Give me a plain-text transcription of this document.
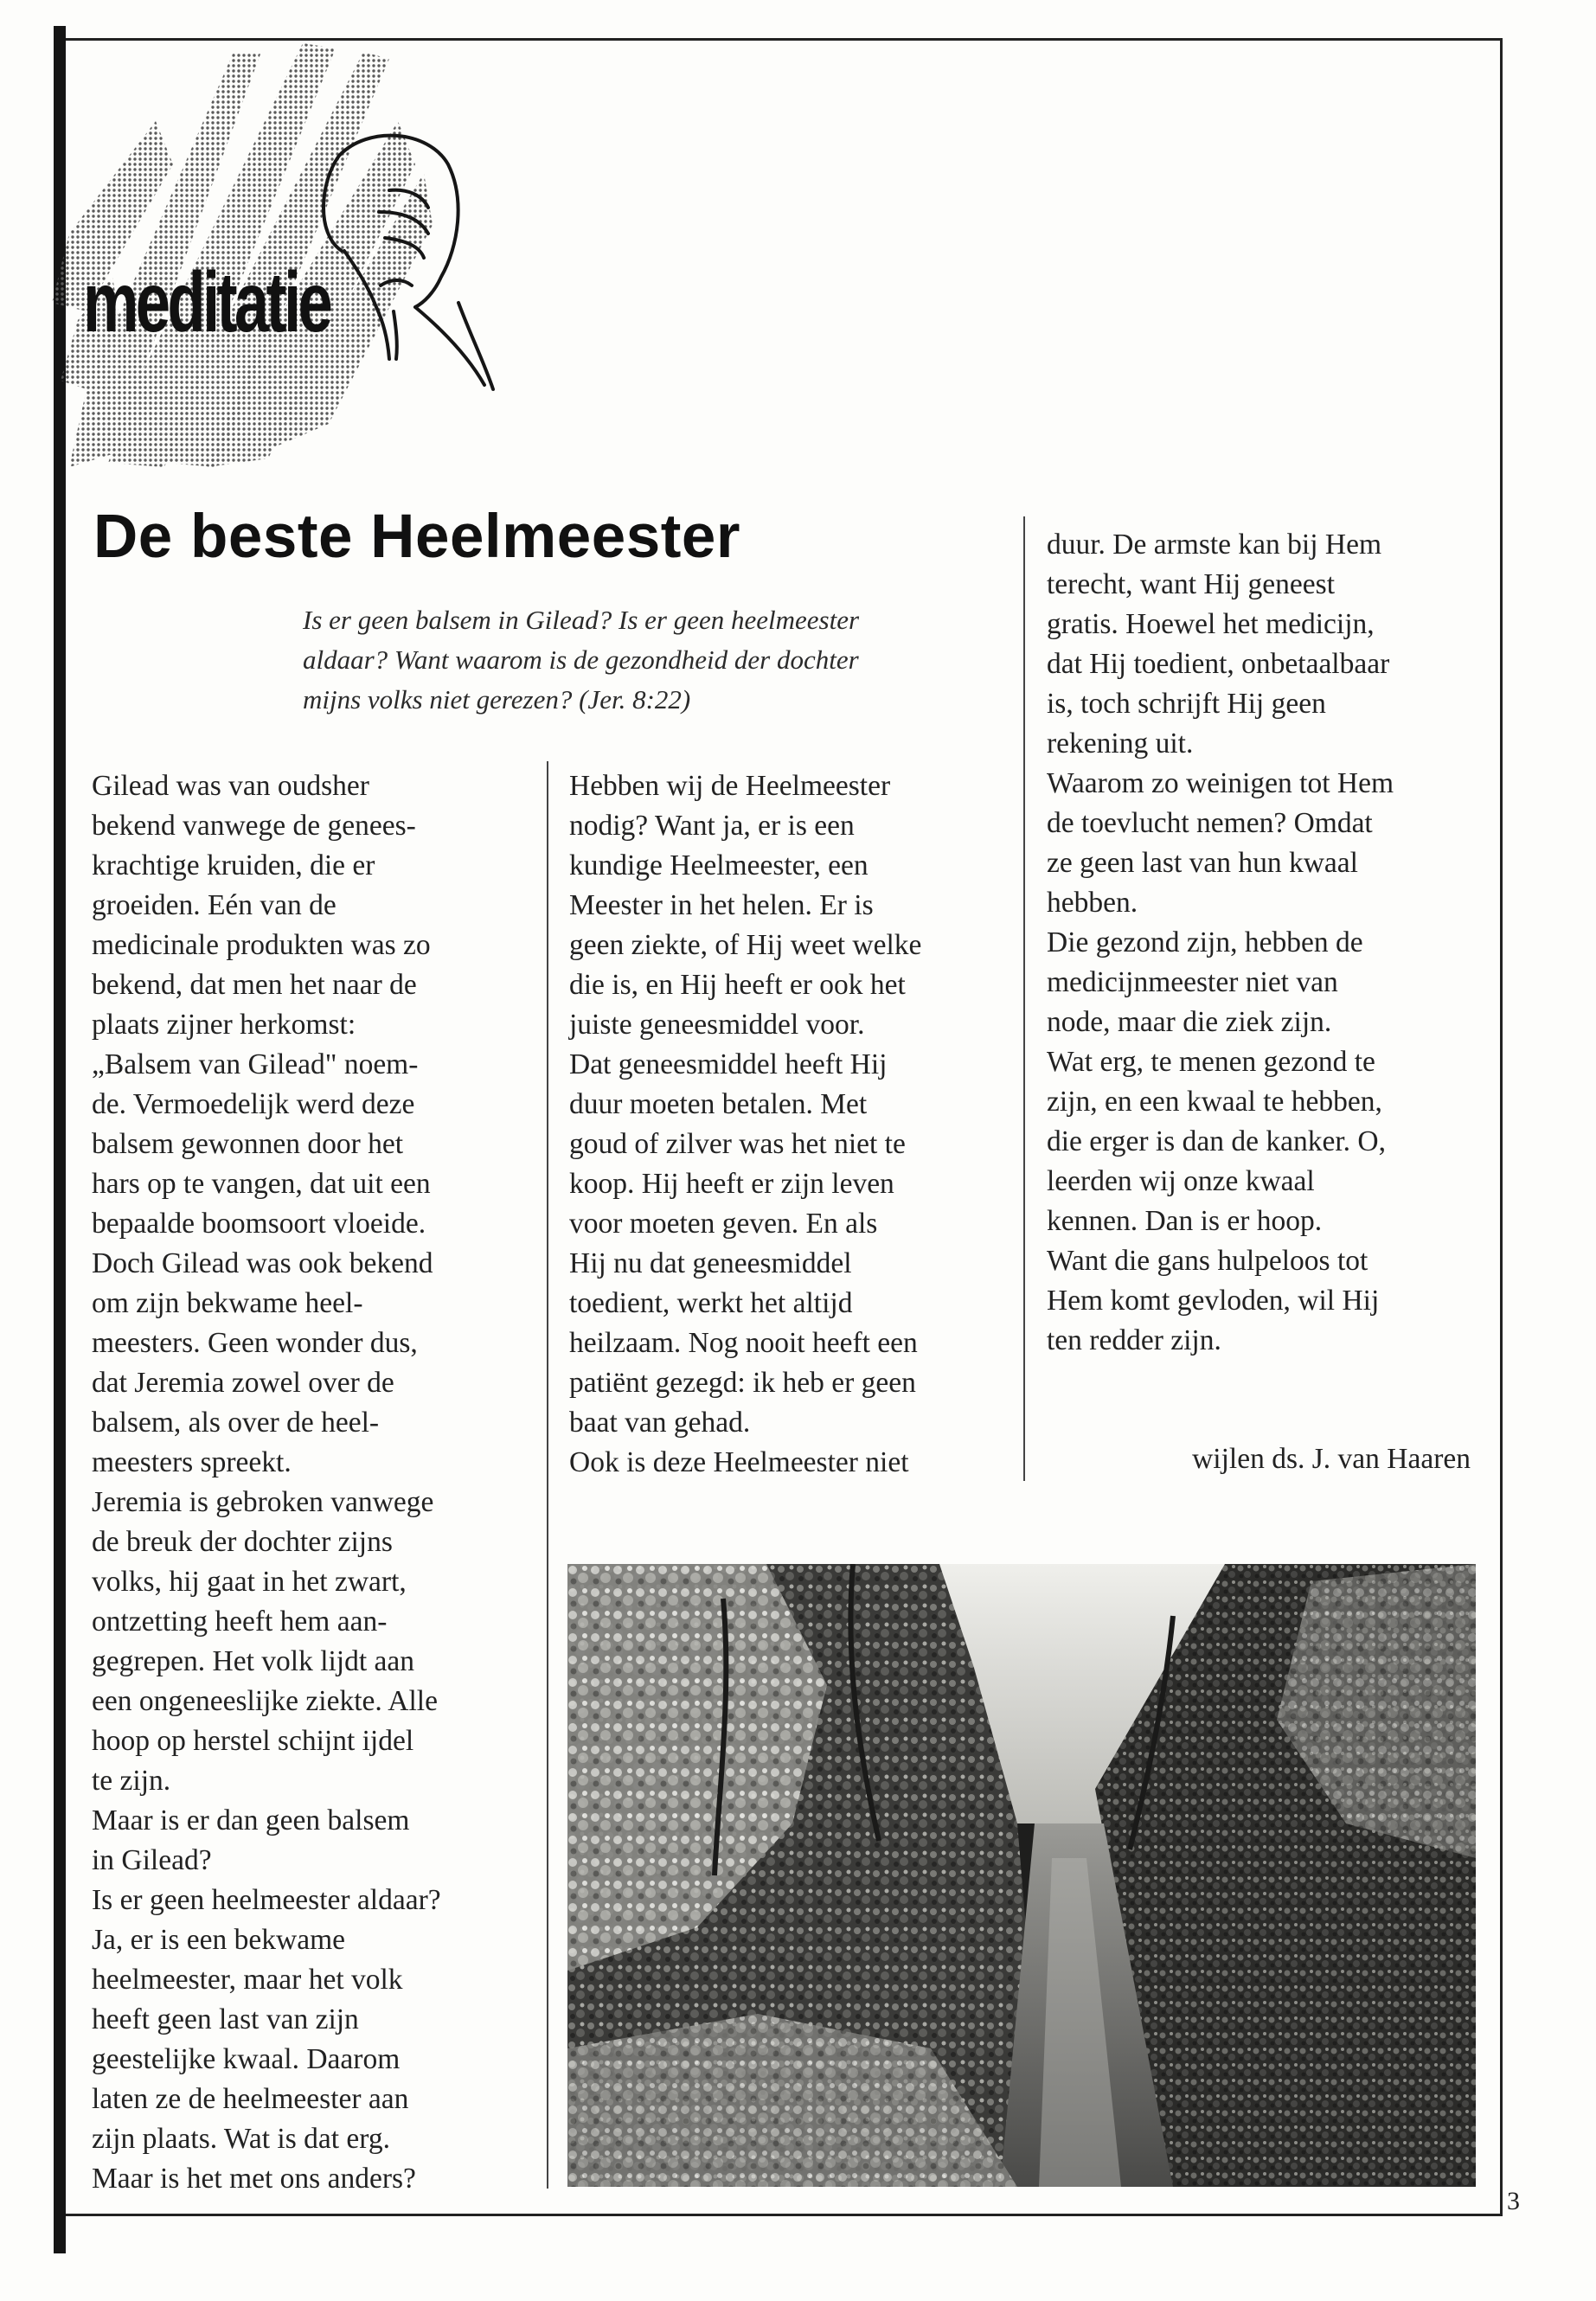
meditatie
De beste Heelmeester
Is er geen balsem in Gilead? Is er geen heelmeester
aldaar? Want waarom is de gezondheid der dochter
mijns volks niet gerezen? (Jer. 8:22)
Gilead was van oudsher
bekend vanwege de genees-
krachtige kruiden, die er
groeiden. Eén van de
medicinale produkten was zo
bekend, dat men het naar de
plaats zijner herkomst:
„Balsem van Gilead" noem-
de. Vermoedelijk werd deze
balsem gewonnen door het
hars op te vangen, dat uit een
bepaalde boomsoort vloeide.
Doch Gilead was ook bekend
om zijn bekwame heel-
meesters. Geen wonder dus,
dat Jeremia zowel over de
balsem, als over de heel-
meesters spreekt.
Jeremia is gebroken vanwege
de breuk der dochter zijns
volks, hij gaat in het zwart,
ontzetting heeft hem aan-
gegrepen. Het volk lijdt aan
een ongeneeslijke ziekte. Alle
hoop op herstel schijnt ijdel
te zijn.
Maar is er dan geen balsem
in Gilead?
Is er geen heelmeester aldaar?
Ja, er is een bekwame
heelmeester, maar het volk
heeft geen last van zijn
geestelijke kwaal. Daarom
laten ze de heelmeester aan
zijn plaats. Wat is dat erg.
Maar is het met ons anders?
Hebben wij de Heelmeester
nodig? Want ja, er is een
kundige Heelmeester, een
Meester in het helen. Er is
geen ziekte, of Hij weet welke
die is, en Hij heeft er ook het
juiste geneesmiddel voor.
Dat geneesmiddel heeft Hij
duur moeten betalen. Met
goud of zilver was het niet te
koop. Hij heeft er zijn leven
voor moeten geven. En als
Hij nu dat geneesmiddel
toedient, werkt het altijd
heilzaam. Nog nooit heeft een
patiënt gezegd: ik heb er geen
baat van gehad.
Ook is deze Heelmeester niet
duur. De armste kan bij Hem
terecht, want Hij geneest
gratis. Hoewel het medicijn,
dat Hij toedient, onbetaalbaar
is, toch schrijft Hij geen
rekening uit.
Waarom zo weinigen tot Hem
de toevlucht nemen? Omdat
ze geen last van hun kwaal
hebben.
Die gezond zijn, hebben de
medicijnmeester niet van
node, maar die ziek zijn.
Wat erg, te menen gezond te
zijn, en een kwaal te hebben,
die erger is dan de kanker. O,
leerden wij onze kwaal
kennen. Dan is er hoop.
Want die gans hulpeloos tot
Hem komt gevloden, wil Hij
ten redder zijn.
wijlen ds. J. van Haaren
3
